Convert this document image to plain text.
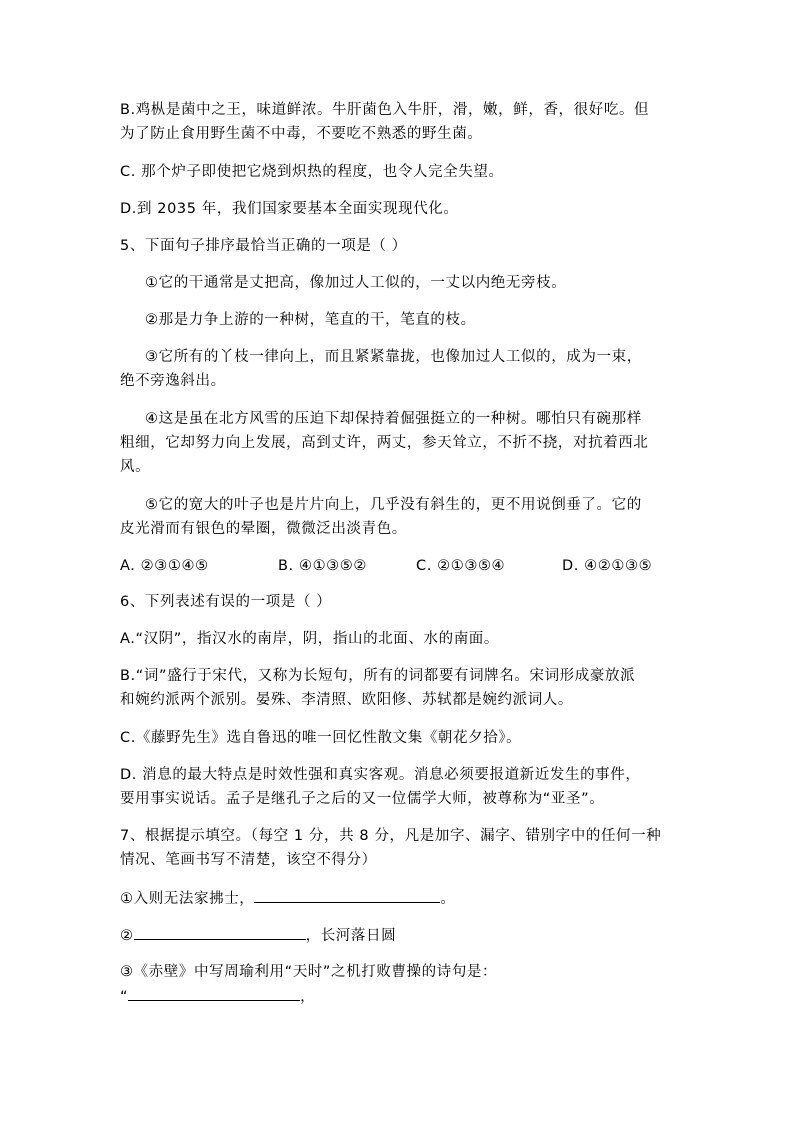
B.鸡枞是菌中之王，味道鲜浓。牛肝菌色入牛肝，滑，嫩，鲜，香，很好吃。但
为了防止食用野生菌不中毒，不要吃不熟悉的野生菌。
C. 那个炉子即使把它烧到炽热的程度，也令人完全失望。
D.到 2035 年，我们国家要基本全面实现现代化。
5、下面句子排序最恰当正确的一项是（ ）
①它的干通常是丈把高，像加过人工似的，一丈以内绝无旁枝。
②那是力争上游的一种树，笔直的干，笔直的枝。
③它所有的丫枝一律向上，而且紧紧靠拢，也像加过人工似的，成为一束，
绝不旁逸斜出。
④这是虽在北方风雪的压迫下却保持着倔强挺立的一种树。哪怕只有碗那样
粗细，它却努力向上发展，高到丈许，两丈，参天耸立，不折不挠，对抗着西北
风。
⑤它的宽大的叶子也是片片向上，几乎没有斜生的，更不用说倒垂了。它的
皮光滑而有银色的晕圈，微微泛出淡青色。
A. ②③①④⑤	B. ④①③⑤②	C. ②①③⑤④	D. ④②①③⑤
6、下列表述有误的一项是（ ）
A.“汉阴”，指汉水的南岸，阴，指山的北面、水的南面。
B.“词”盛行于宋代，又称为长短句，所有的词都要有词牌名。宋词形成豪放派
和婉约派两个派别。晏殊、李清照、欧阳修、苏轼都是婉约派词人。
C.《藤野先生》选自鲁迅的唯一回忆性散文集《朝花夕拾》。
D. 消息的最大特点是时效性强和真实客观。消息必须要报道新近发生的事件，
要用事实说话。孟子是继孔子之后的又一位儒学大师，被尊称为“亚圣”。
7、根据提示填空。（每空 1 分，共 8 分，凡是加字、漏字、错别字中的任何一种
情况、笔画书写不清楚，该空不得分）
①入则无法家拂士，	。
②	，长河落日圆
③《赤壁》中写周瑜利用“天时”之机打败曹操的诗句是：
“	，
